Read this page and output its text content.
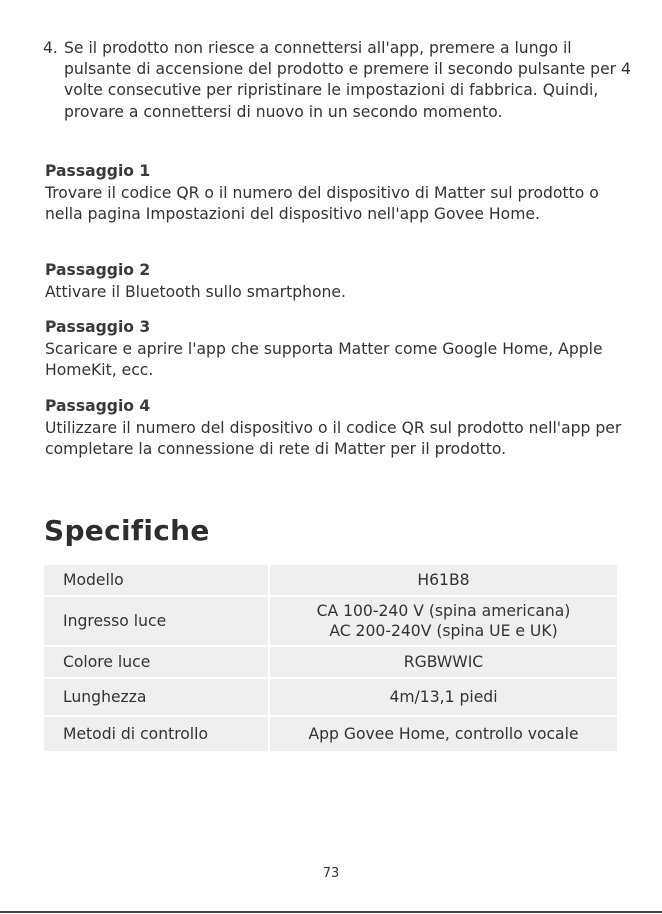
4. Se il prodotto non riesce a connettersi all'app, premere a lungo il pulsante di accensione del prodotto e premere il secondo pulsante per 4 volte consecutive per ripristinare le impostazioni di fabbrica. Quindi, provare a connettersi di nuovo in un secondo momento.
Passaggio 1
Trovare il codice QR o il numero del dispositivo di Matter sul prodotto o nella pagina Impostazioni del dispositivo nell'app Govee Home.
Passaggio 2
Attivare il Bluetooth sullo smartphone.
Passaggio 3
Scaricare e aprire l'app che supporta Matter come Google Home, Apple HomeKit, ecc.
Passaggio 4
Utilizzare il numero del dispositivo o il codice QR sul prodotto nell'app per completare la connessione di rete di Matter per il prodotto.
Specifiche
Modello	H61B8

Ingresso luce	CA 100-240 V (spina americana)
AC 200-240V (spina UE e UK)

Colore luce	RGBWWIC

Lunghezza	4m/13,1 piedi

Metodi di controllo	App Govee Home, controllo vocale
73
